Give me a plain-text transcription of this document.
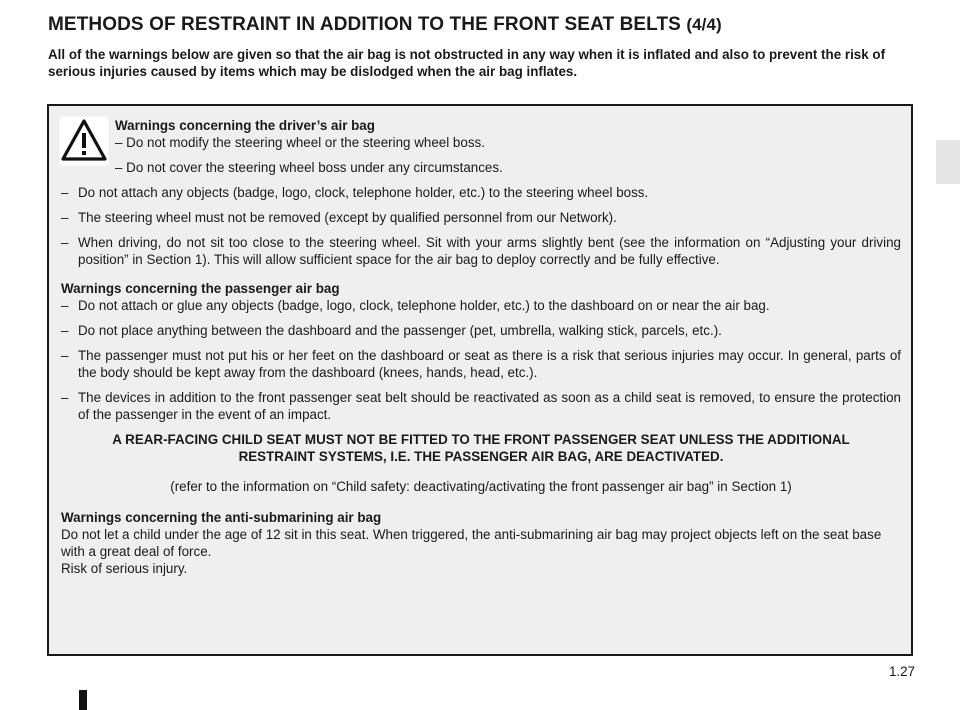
METHODS OF RESTRAINT IN ADDITION TO THE FRONT SEAT BELTS (4/4)
All of the warnings below are given so that the air bag is not obstructed in any way when it is inflated and also to prevent the risk of serious injuries caused by items which may be dislodged when the air bag inflates.

Warnings concerning the driver’s air bag

– Do not modify the steering wheel or the steering wheel boss.

– Do not cover the steering wheel boss under any circumstances.

– Do not attach any objects (badge, logo, clock, telephone holder, etc.) to the steering wheel boss.
– The steering wheel must not be removed (except by qualified personnel from our Network).
– When driving, do not sit too close to the steering wheel. Sit with your arms slightly bent (see the information on “Adjusting your driving position” in Section 1). This will allow sufficient space for the air bag to deploy correctly and be fully effective.

Warnings concerning the passenger air bag

– Do not attach or glue any objects (badge, logo, clock, telephone holder, etc.) to the dashboard on or near the air bag.
– Do not place anything between the dashboard and the passenger (pet, umbrella, walking stick, parcels, etc.).
– The passenger must not put his or her feet on the dashboard or seat as there is a risk that serious injuries may occur. In general, parts of the body should be kept away from the dashboard (knees, hands, head, etc.).
– The devices in addition to the front passenger seat belt should be reactivated as soon as a child seat is removed, to ensure the protection of the passenger in the event of an impact.

A REAR-FACING CHILD SEAT MUST NOT BE FITTED TO THE FRONT PASSENGER SEAT UNLESS THE ADDITIONAL RESTRAINT SYSTEMS, I.E. THE PASSENGER AIR BAG, ARE DEACTIVATED.

(refer to the information on “Child safety: deactivating/activating the front passenger air bag” in Section 1)

Warnings concerning the anti-submarining air bag

Do not let a child under the age of 12 sit in this seat. When triggered, the anti-submarining air bag may project objects left on the seat base with a great deal of force.

Risk of serious injury.

1.27
